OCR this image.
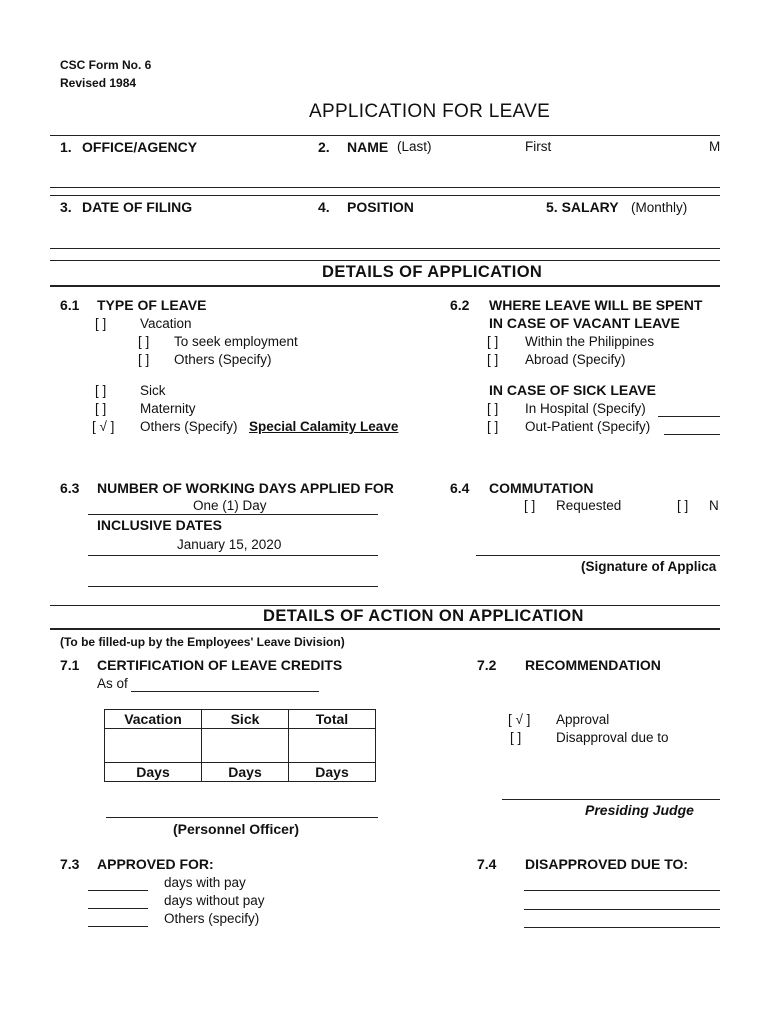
CSC Form No. 6
Revised 1984
APPLICATION FOR LEAVE
1. OFFICE/AGENCY	2. NAME (Last)	First	M
3. DATE OF FILING	4. POSITION	5. SALARY (Monthly)
DETAILS OF APPLICATION
6.1 TYPE OF LEAVE
[ ] Vacation
[ ] To seek employment
[ ] Others (Specify)
[ ] Sick
[ ] Maternity
[ √ ] Others (Specify) Special Calamity Leave
6.2 WHERE LEAVE WILL BE SPENT
IN CASE OF VACANT LEAVE
[ ] Within the Philippines
[ ] Abroad (Specify)
IN CASE OF SICK LEAVE
[ ] In Hospital (Specify)
[ ] Out-Patient (Specify)
6.3 NUMBER OF WORKING DAYS APPLIED FOR
One (1) Day
INCLUSIVE DATES
January 15, 2020
6.4 COMMUTATION
[ ] Requested	[ ] N
(Signature of Applica
DETAILS OF ACTION ON APPLICATION
(To be filled-up by the Employees' Leave Division)
7.1 CERTIFICATION OF LEAVE CREDITS
As of
Vacation	Sick	Total

Days	Days	Days
(Personnel Officer)
7.2 RECOMMENDATION
[ √ ] Approval
[ ]	Disapproval due to
Presiding Judge
7.3 APPROVED FOR:
days with pay
days without pay
Others (specify)
7.4 DISAPPROVED DUE TO:
